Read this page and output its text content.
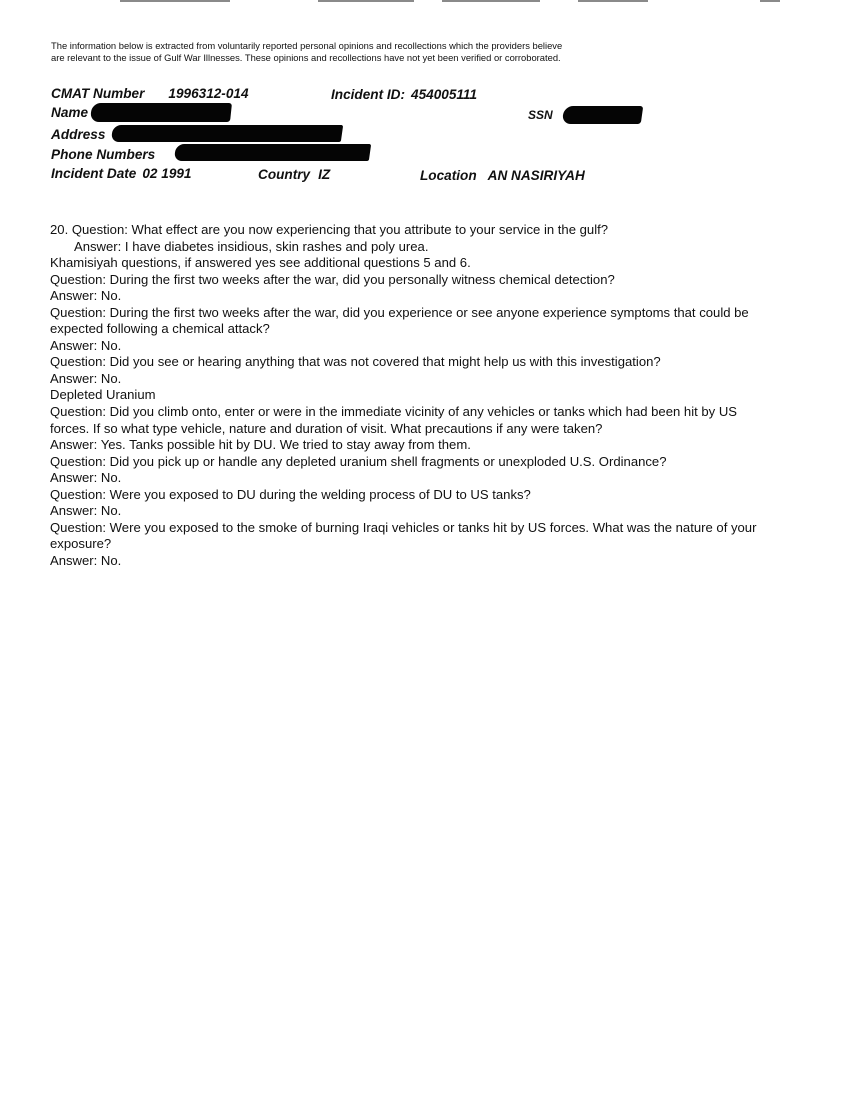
The information below is extracted from voluntarily reported personal opinions and recollections which the providers believe are relevant to the issue of Gulf War Illnesses. These opinions and recollections have not yet been verified or corroborated.

CMAT Number 1996312-014	Incident ID: 454005111
Name	SSN
Address
Phone Numbers
Incident Date 02 1991	Country IZ	Location AN NASIRIYAH

20. Question: What effect are you now experiencing that you attribute to your service in the gulf?

Answer: I have diabetes insidious, skin rashes and poly urea.

Khamisiyah questions, if answered yes see additional questions 5 and 6.

Question: During the first two weeks after the war, did you personally witness chemical detection?

Answer: No.

Question: During the first two weeks after the war, did you experience or see anyone experience symptoms that could be expected following a chemical attack?

Answer: No.

Question: Did you see or hearing anything that was not covered that might help us with this investigation?

Answer: No.

Depleted Uranium

Question: Did you climb onto, enter or were in the immediate vicinity of any vehicles or tanks which had been hit by US forces. If so what type vehicle, nature and duration of visit. What precautions if any were taken?

Answer: Yes. Tanks possible hit by DU. We tried to stay away from them.

Question: Did you pick up or handle any depleted uranium shell fragments or unexploded U.S. Ordinance?

Answer: No.

Question: Were you exposed to DU during the welding process of DU to US tanks?

Answer: No.

Question: Were you exposed to the smoke of burning Iraqi vehicles or tanks hit by US forces. What was the nature of your exposure?

Answer: No.
